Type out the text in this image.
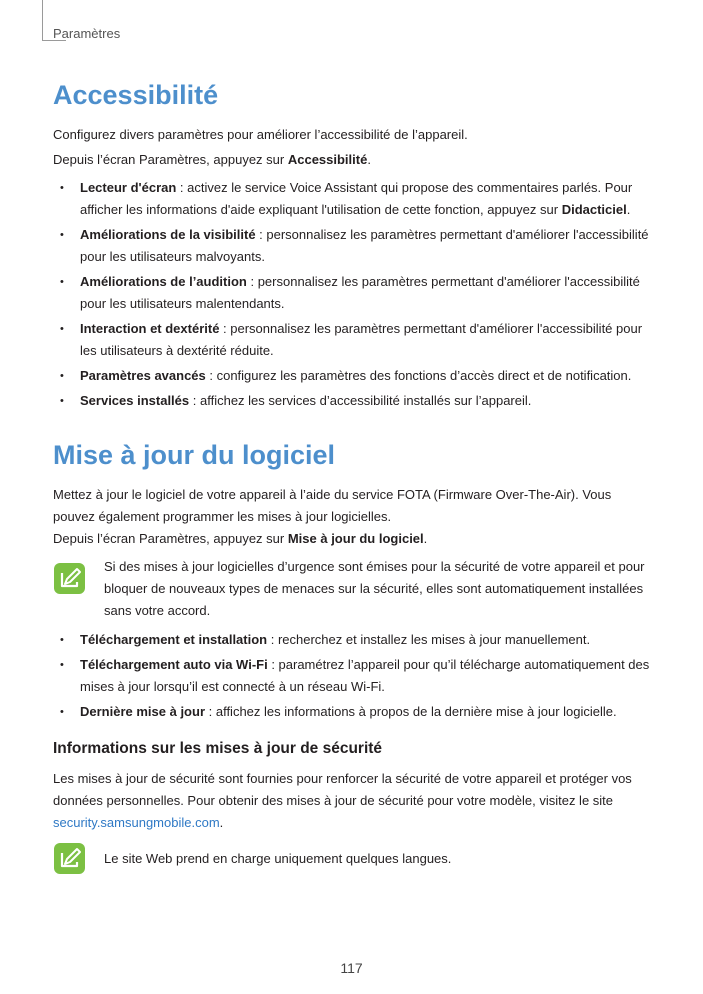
Paramètres
Accessibilité

Configurez divers paramètres pour améliorer l’accessibilité de l’appareil.

Depuis l’écran Paramètres, appuyez sur Accessibilité.

• Lecteur d'écran : activez le service Voice Assistant qui propose des commentaires parlés. Pour afficher les informations d'aide expliquant l'utilisation de cette fonction, appuyez sur Didacticiel.
• Améliorations de la visibilité : personnalisez les paramètres permettant d'améliorer l'accessibilité pour les utilisateurs malvoyants.
• Améliorations de l’audition : personnalisez les paramètres permettant d'améliorer l'accessibilité pour les utilisateurs malentendants.
• Interaction et dextérité : personnalisez les paramètres permettant d'améliorer l'accessibilité pour les utilisateurs à dextérité réduite.
• Paramètres avancés : configurez les paramètres des fonctions d’accès direct et de notification.
• Services installés : affichez les services d’accessibilité installés sur l’appareil.
Mise à jour du logiciel

Mettez à jour le logiciel de votre appareil à l’aide du service FOTA (Firmware Over-The-Air). Vous pouvez également programmer les mises à jour logicielles.

Depuis l’écran Paramètres, appuyez sur Mise à jour du logiciel.

Si des mises à jour logicielles d’urgence sont émises pour la sécurité de votre appareil et pour bloquer de nouveaux types de menaces sur la sécurité, elles sont automatiquement installées sans votre accord.

• Téléchargement et installation : recherchez et installez les mises à jour manuellement.
• Téléchargement auto via Wi-Fi : paramétrez l’appareil pour qu’il télécharge automatiquement des mises à jour lorsqu’il est connecté à un réseau Wi-Fi.
• Dernière mise à jour : affichez les informations à propos de la dernière mise à jour logicielle.
Informations sur les mises à jour de sécurité

Les mises à jour de sécurité sont fournies pour renforcer la sécurité de votre appareil et protéger vos données personnelles. Pour obtenir des mises à jour de sécurité pour votre modèle, visitez le site security.samsungmobile.com.

Le site Web prend en charge uniquement quelques langues.

117
